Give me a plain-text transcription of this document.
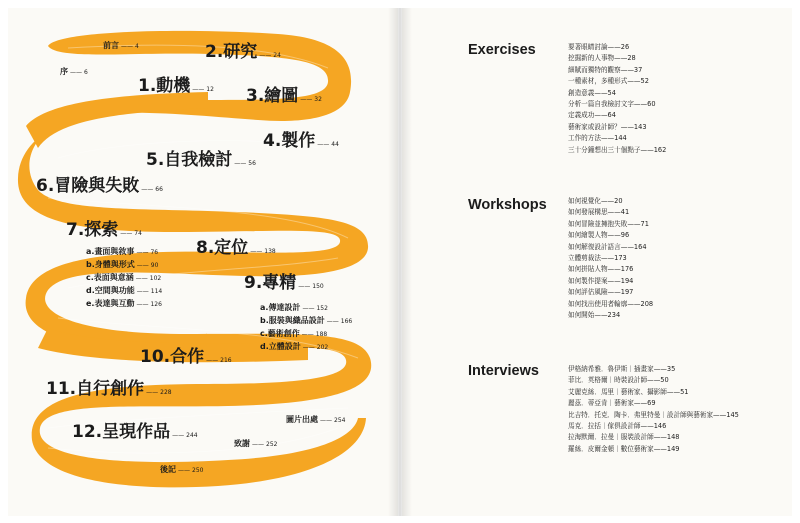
前言 —— 4
序 —— 6
1.動機 —— 12
2.研究 —— 24
3.繪圖 —— 32
4.製作 —— 44
5.自我檢討 —— 56
6.冒險與失敗 —— 66
7.探索 —— 74
a.畫面與敘事 —— 76
b.身體與形式 —— 90
c.表面與意涵 —— 102
d.空間與功能 —— 114
e.表達與互動 —— 126
8.定位 —— 138
9.專精 —— 150
a.傳達設計 —— 152
b.服裝與織品設計 —— 166
c.藝術創作 —— 188
d.立體設計 —— 202
10.合作 —— 216
11.自行創作 —— 228
12.呈現作品 —— 244
圖片出處 —— 254
致謝 —— 252
後記 —— 250
Exercises	要著眼睛討論——26
挖掘新的人事物——28
細賦而獨特的觀察——37
一種素材，多種形式——52
創造意義——54
分析一篇自我檢討文字——60
定義成功——64
藝術家或設計師？——143
工作的方法——144
三十分鐘想出三十個點子——162
Workshops	如何視覺化——20
如何發展構思——41
如何冒險並擁抱失敗——71
如何繪製人物——96
如何解復設計語言——164
立體剪裁法——173
如何拼貼人物——176
如何製作提案——194
如何評估風險——197
如何找出使用者輪廓——208
如何開始——234
Interviews	伊格納希雅．魯伊斯｜插畫家——35
菲比．英格爾｜時裝設計師——50
艾麗克絲．馬里｜藝術家、攝影師——51
麗茲．蒂亞肯｜藝術家——69
比吉特．托克．陶卡．弗里特曼｜設計師與藝術家——145
馬克．拉括｜傢俱設計師——146
拉海默爾．拉曼｜服裝設計師——148
羅絲．皮爾金頓｜數位藝術家——149
